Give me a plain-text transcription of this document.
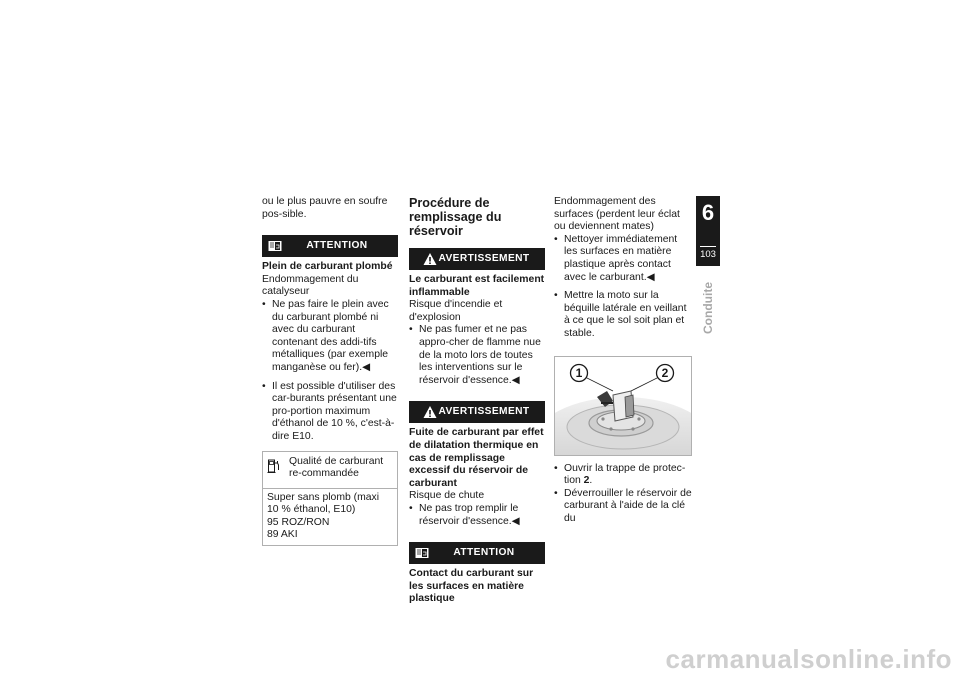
ou le plus pauvre en soufre pos-sible.

ATTENTION

Plein de carburant plombé

Endommagement du catalyseur

• Ne pas faire le plein avec du carburant plombé ni avec du carburant contenant des addi-tifs métalliques (par exemple manganèse ou fer).◀
• Il est possible d'utiliser des car-burants présentant une pro-portion maximum d'éthanol de 10 %, c'est-à-dire E10.
Qualité de carburant re-commandée

Super sans plomb (maxi 10 % éthanol, E10)

95 ROZ/RON

89 AKI

Procédure de remplissage du réservoir
AVERTISSEMENT

Le carburant est facilement inflammable

Risque d'incendie et d'explosion

• Ne pas fumer et ne pas appro-cher de flamme nue de la moto lors de toutes les interventions sur le réservoir d'essence.◀
AVERTISSEMENT

Fuite de carburant par effet de dilatation thermique en cas de remplissage excessif du réservoir de carburant

Risque de chute

• Ne pas trop remplir le réservoir d'essence.◀
ATTENTION

Contact du carburant sur les surfaces en matière plastique

Endommagement des surfaces (perdent leur éclat ou deviennent mates)

• Nettoyer immédiatement les surfaces en matière plastique après contact avec le carburant.◀
• Mettre la moto sur la béquille latérale en veillant à ce que le sol soit plan et stable.
1	2
• Ouvrir la trappe de protec-tion 2.
• Déverrouiller le réservoir de carburant à l'aide de la clé du
6
103
Conduite
carmanualsonline.info
